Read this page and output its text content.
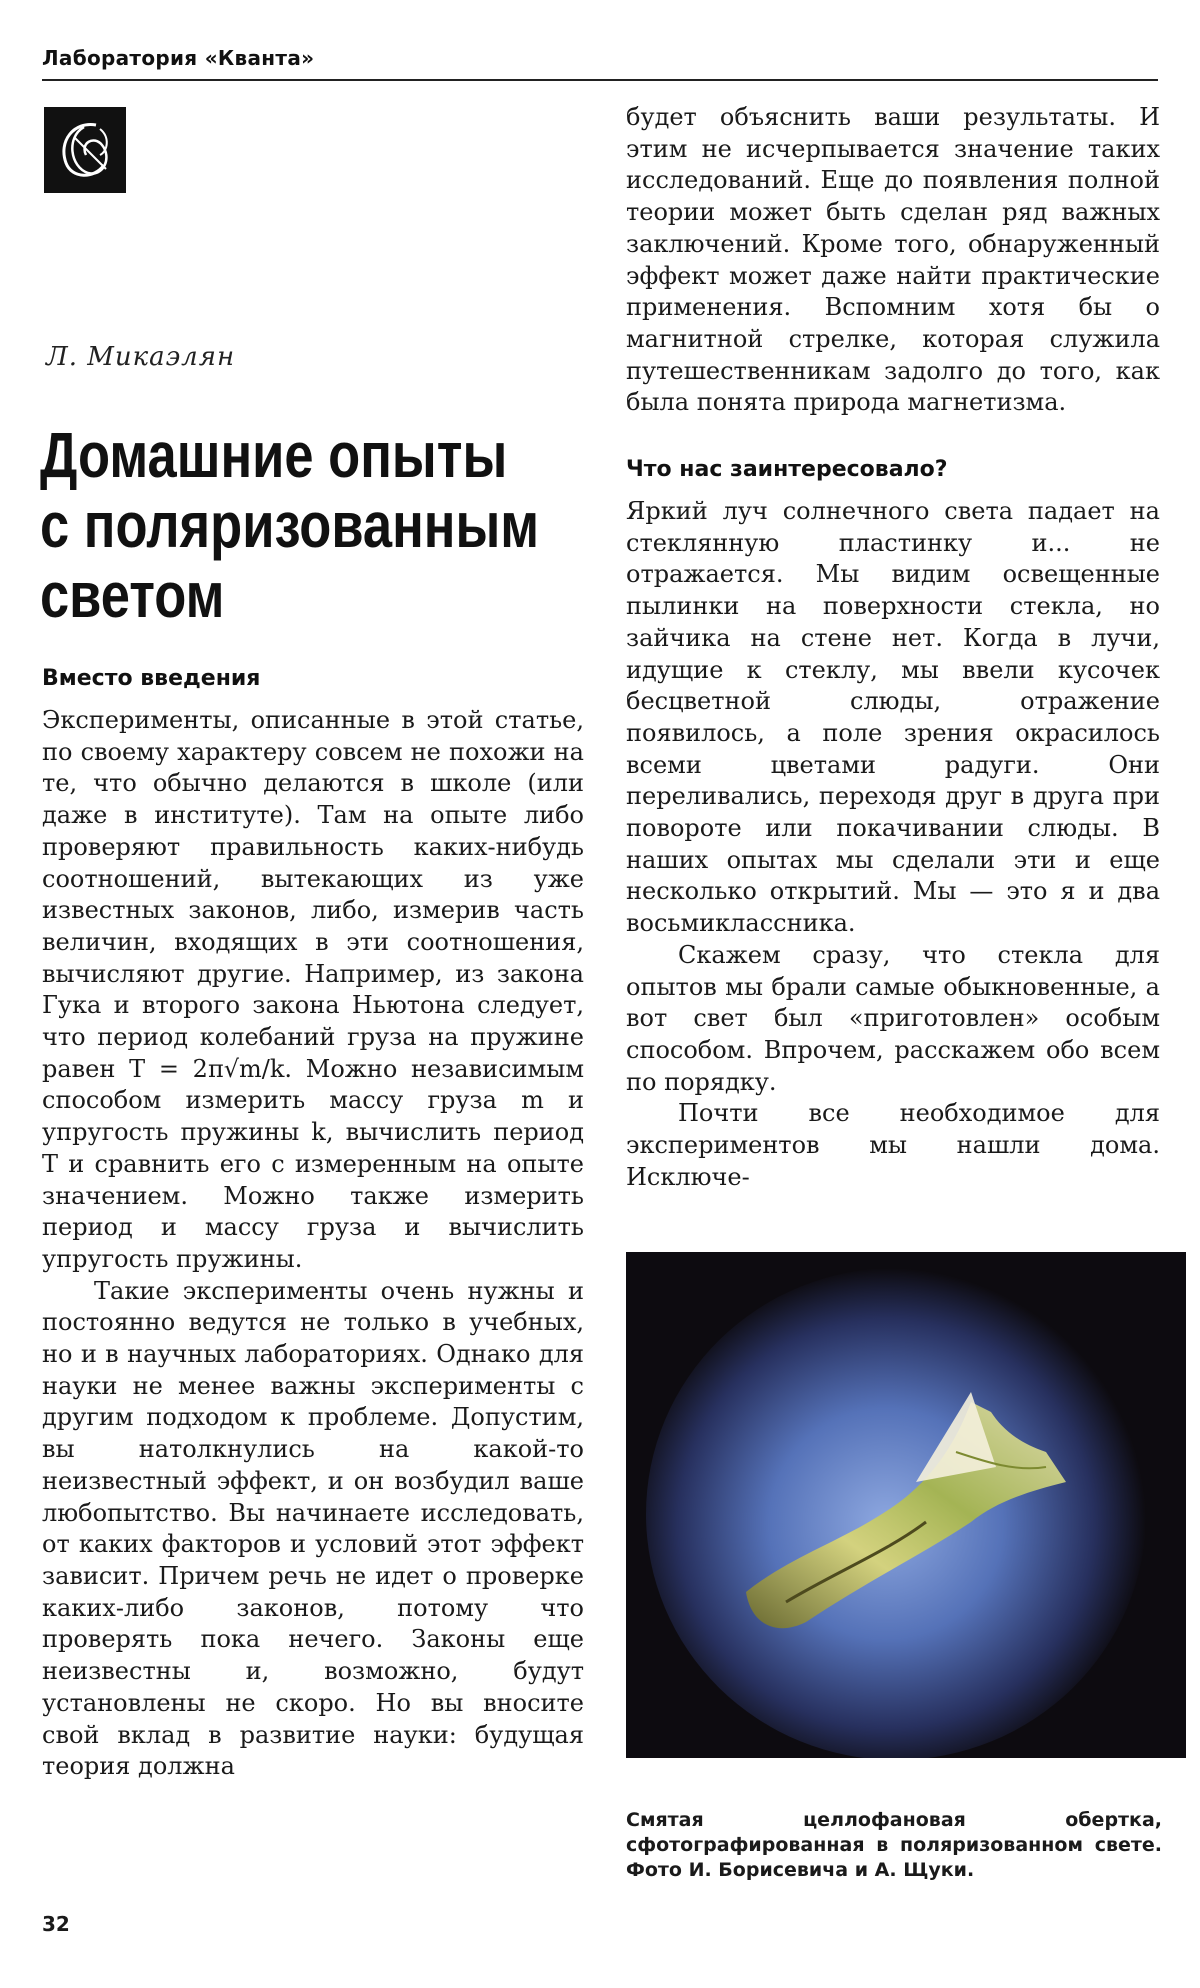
Лаборатория «Кванта»
Л. Микаэлян
Домашние опыты
с поляризованным
светом
Вместо введения

Эксперименты, описанные в этой статье, по своему характеру совсем не похожи на те, что обычно делаются в школе (или даже в институте). Там на опыте либо проверяют правильность каких-нибудь соотношений, вытекающих из уже известных законов, либо, измерив часть величин, входящих в эти соотношения, вычисляют другие. Например, из закона Гука и второго закона Ньютона следует, что период колебаний груза на пружине равен T = 2π√m/k. Можно независимым способом измерить массу груза m и упругость пружины k, вычислить период T и сравнить его с измеренным на опыте значением. Можно также измерить период и массу груза и вычислить упругость пружины.

Такие эксперименты очень нужны и постоянно ведутся не только в учебных, но и в научных лабораториях. Однако для науки не менее важны эксперименты с другим подходом к проблеме. Допустим, вы натолкнулись на какой-то неизвестный эффект, и он возбудил ваше любопытство. Вы начинаете исследовать, от каких факторов и условий этот эффект зависит. Причем речь не идет о проверке каких-либо законов, потому что проверять пока нечего. Законы еще неизвестны и, возможно, будут установлены не скоро. Но вы вносите свой вклад в развитие науки: будущая теория должна

будет объяснить ваши результаты. И этим не исчерпывается значение таких исследований. Еще до появления полной теории может быть сделан ряд важных заключений. Кроме того, обнаруженный эффект может даже найти практические применения. Вспомним хотя бы о магнитной стрелке, которая служила путешественникам задолго до того, как была понята природа магнетизма.

Что нас заинтересовало?

Яркий луч солнечного света падает на стеклянную пластинку и... не отражается. Мы видим освещенные пылинки на поверхности стекла, но зайчика на стене нет. Когда в лучи, идущие к стеклу, мы ввели кусочек бесцветной слюды, отражение появилось, а поле зрения окрасилось всеми цветами радуги. Они переливались, переходя друг в друга при повороте или покачивании слюды. В наших опытах мы сделали эти и еще несколько открытий. Мы — это я и два восьмиклассника.

Скажем сразу, что стекла для опытов мы брали самые обыкновенные, а вот свет был «приготовлен» особым способом. Впрочем, расскажем обо всем по порядку.

Почти все необходимое для экспериментов мы нашли дома. Исключе-

Смятая целлофановая обертка, сфотографированная в поляризованном свете. Фото И. Борисевича и А. Щуки.
32
